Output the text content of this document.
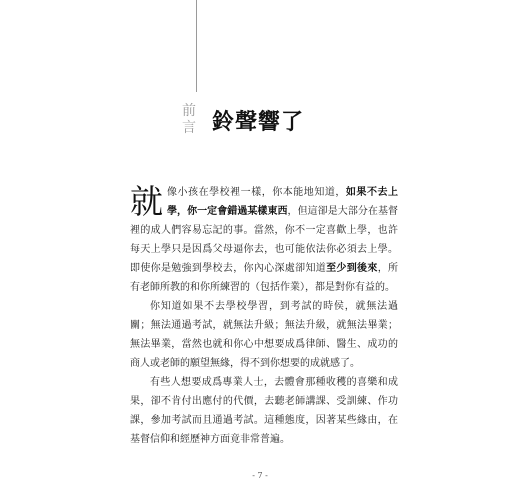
前
言 鈴聲響了

就像小孩在學校裡一樣，你本能地知道，如果不去上學，你一定會錯過某樣東西，但這卻是大部分在基督裡的成人們容易忘記的事。當然，你不一定喜歡上學，也許每天上學只是因爲父母逼你去，也可能依法你必須去上學。即使你是勉強到學校去，你內心深處卻知道至少到後來，所有老師所教的和你所練習的（包括作業），都是對你有益的。

你知道如果不去學校學習，到考試的時侯，就無法過關；無法通過考試，就無法升級；無法升級，就無法畢業；無法畢業，當然也就和你心中想要成爲律師、醫生、成功的商人或老師的願望無緣，得不到你想要的成就感了。

有些人想要成爲專業人士，去體會那種收穫的喜樂和成果，卻不肯付出應付的代價，去聽老師講課、受訓練、作功課，參加考試而且通過考試。這種態度，因著某些緣由，在基督信仰和經歷神方面竟非常普遍。

- 7 -
